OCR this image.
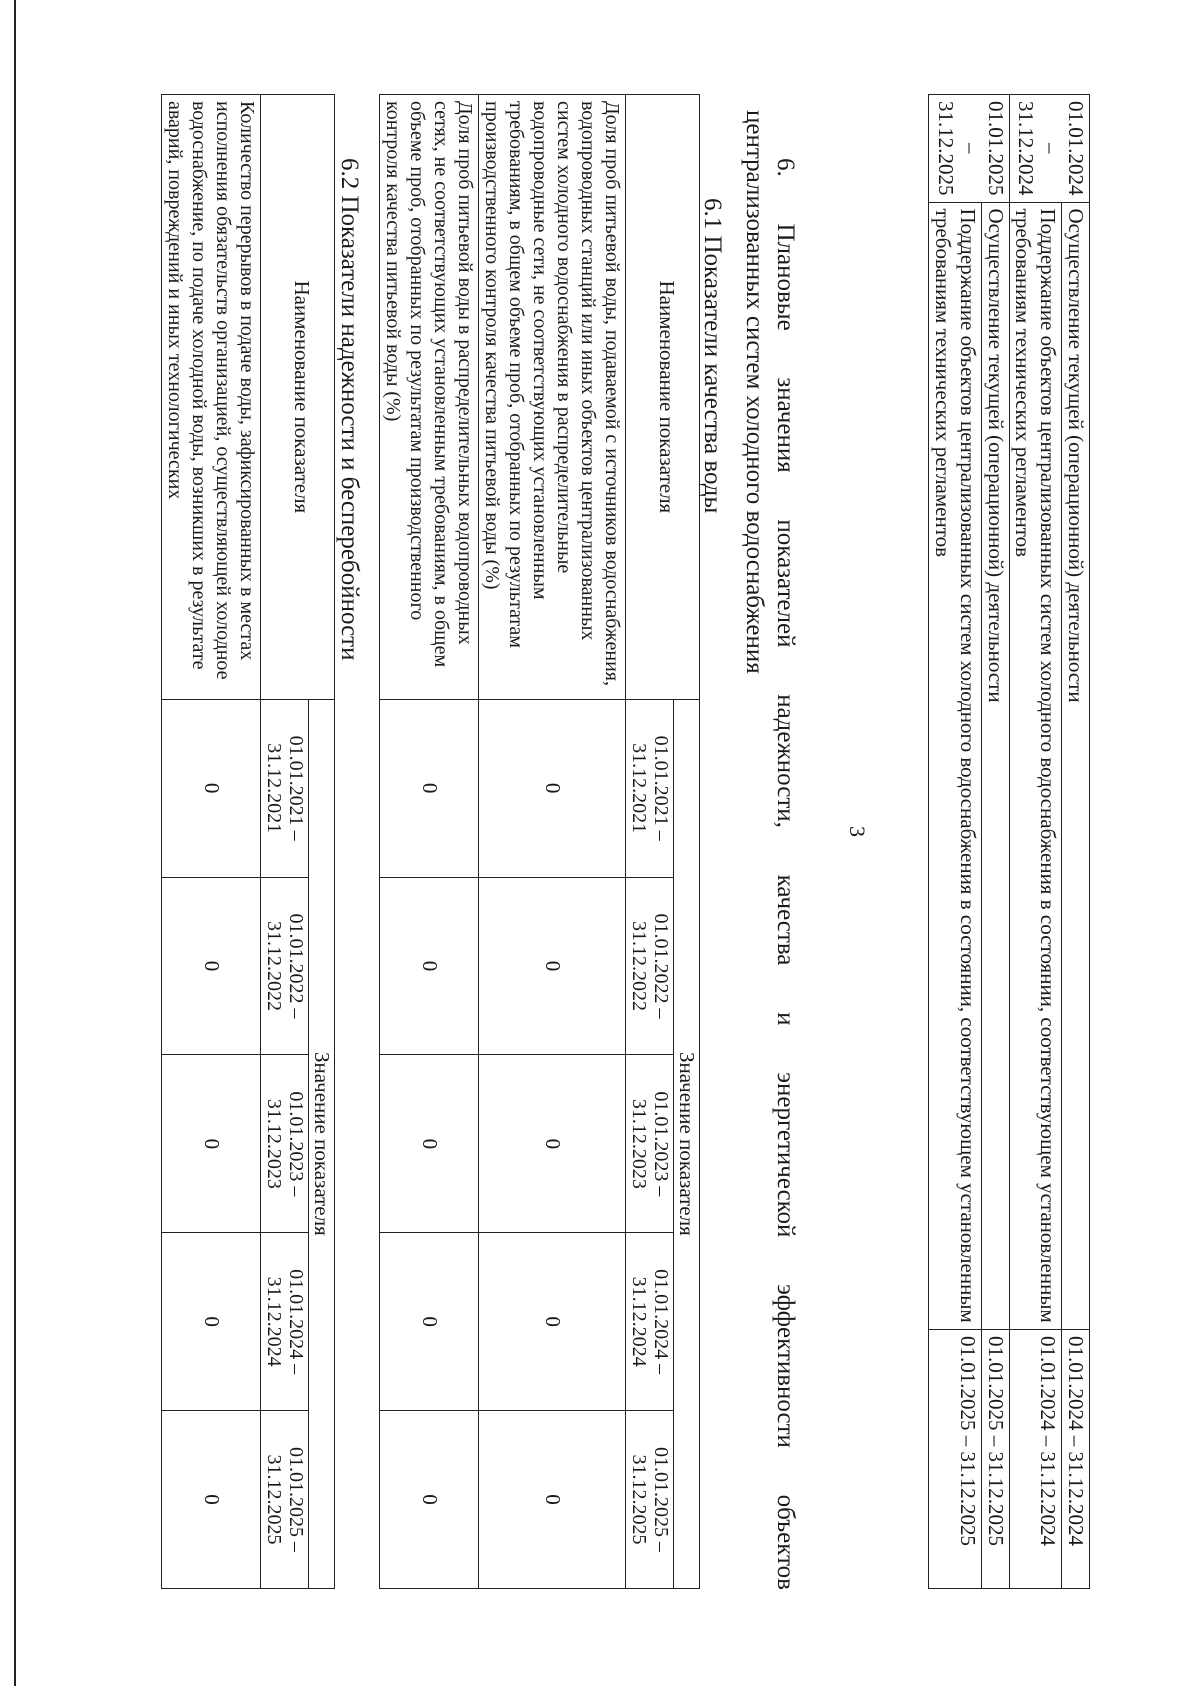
3
01.01.2024 – 31.12.2024	Осуществление текущей (операционной) деятельности	01.01.2024 – 31.12.2024
	Поддержание объектов централизованных систем холодного водоснабжения в состоянии, соответствующем установленным требованиям технических регламентов	01.01.2024 – 31.12.2024
01.01.2025 – 31.12.2025	Осуществление текущей (операционной) деятельности	01.01.2025 – 31.12.2025
	Поддержание объектов централизованных систем холодного водоснабжения в состоянии, соответствующем установленным требованиям технических регламентов	01.01.2025 – 31.12.2025
6. Плановые значения показателей надежности, качества и энергетической эффективности объектов
централизованных систем холодного водоснабжения
6.1 Показатели качества воды
Наименование показателя	Значение показателя				
	01.01.2021 – 31.12.2021	01.01.2022 – 31.12.2022	01.01.2023 – 31.12.2023	01.01.2024 – 31.12.2024	01.01.2025 – 31.12.2025
Доля проб питьевой воды, подаваемой с источников водоснабжения, водопроводных станций или иных объектов централизованных систем холодного водоснабжения в распределительные водопроводные сети, не соответствующих установленным требованиям, в общем объеме проб, отобранных по результатам производственного контроля качества питьевой воды (%)	0	0	0	0	0
Доля проб питьевой воды в распределительных водопроводных сетях, не соответствующих установленным требованиям, в общем объеме проб, отобранных по результатам производственного контроля качества питьевой воды (%)	0	0	0	0	0
6.2 Показатели надежности и бесперебойности
Наименование показателя	Значение показателя				
	01.01.2021 – 31.12.2021	01.01.2022 – 31.12.2022	01.01.2023 – 31.12.2023	01.01.2024 – 31.12.2024	01.01.2025 – 31.12.2025
Количество перерывов в подаче воды, зафиксированных в местах исполнения обязательств организацией, осуществляющей холодное водоснабжение, по подаче холодной воды, возникших в результате аварий, повреждений и иных технологических	0	0	0	0	0
